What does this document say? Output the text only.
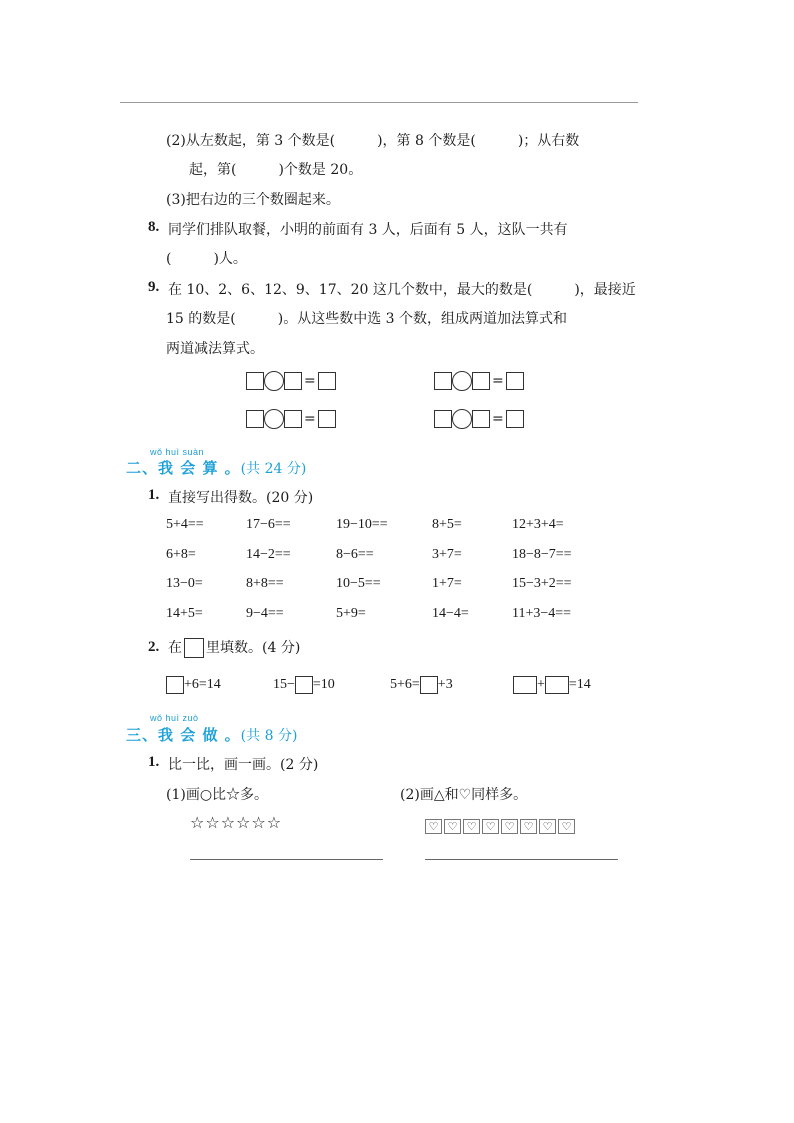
(2)从左数起，第 3 个数是(　　　)，第 8 个数是(　　　)；从右数
起，第(　　　)个数是 20。
(3)把右边的三个数圈起来。
8. 同学们排队取餐，小明的前面有 3 人，后面有 5 人，这队一共有
(　　　)人。
9. 在 10、2、6、12、9、17、20 这几个数中，最大的数是(　　　)，最接近
15 的数是(　　　)。从这些数中选 3 个数，组成两道加法算式和
两道减法算式。
=	=
=	=
wǒ huì suàn
二、我 会 算 。(共 24 分)
1. 直接写出得数。(20 分)
5+4==	17−6==	19−10==	8+5=	12+3+4=
6+8=	14−2==	8−6==	3+7=	18−8−7==
13−0=	8+8==	10−5==	1+7=	15−3+2==
14+5=	9−4==	5+9=	14−4=	11+3−4==
2. 在 里填数。(4 分)
+6=14	15− =10	5+6= +3	+ =14
wǒ huì zuò
三、我 会 做 。(共 8 分)
1. 比一比，画一画。(2 分)
(1)画○比☆多。	(2)画△和♡同样多。
☆☆☆☆☆☆	♡ ♡ ♡ ♡ ♡ ♡ ♡ ♡
